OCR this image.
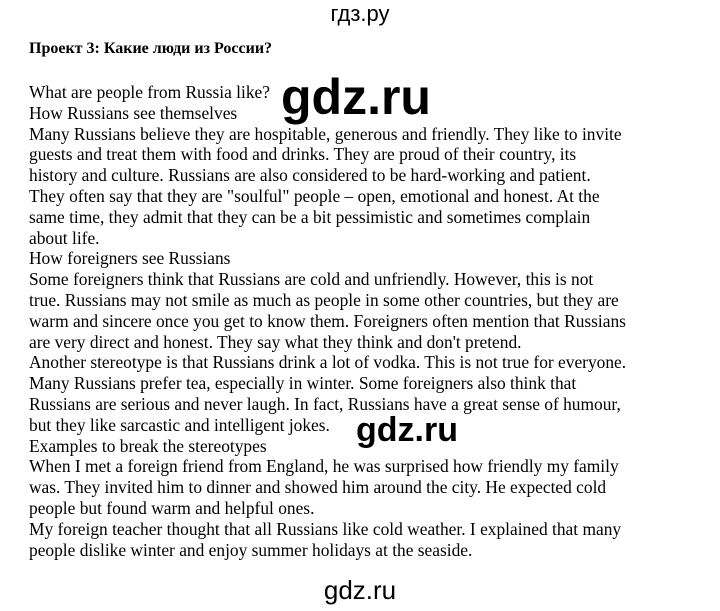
гдз.ру
Проект 3: Какие люди из России?
What are people from Russia like?
How Russians see themselves
Many Russians believe they are hospitable, generous and friendly. They like to invite
guests and treat them with food and drinks. They are proud of their country, its
history and culture. Russians are also considered to be hard-working and patient.
They often say that they are "soulful" people – open, emotional and honest. At the
same time, they admit that they can be a bit pessimistic and sometimes complain
about life.
How foreigners see Russians
Some foreigners think that Russians are cold and unfriendly. However, this is not
true. Russians may not smile as much as people in some other countries, but they are
warm and sincere once you get to know them. Foreigners often mention that Russians
are very direct and honest. They say what they think and don't pretend.
Another stereotype is that Russians drink a lot of vodka. This is not true for everyone.
Many Russians prefer tea, especially in winter. Some foreigners also think that
Russians are serious and never laugh. In fact, Russians have a great sense of humour,
but they like sarcastic and intelligent jokes.
Examples to break the stereotypes
When I met a foreign friend from England, he was surprised how friendly my family
was. They invited him to dinner and showed him around the city. He expected cold
people but found warm and helpful ones.
My foreign teacher thought that all Russians like cold weather. I explained that many
people dislike winter and enjoy summer holidays at the seaside.
gdz.ru
gdz.ru
gdz.ru
